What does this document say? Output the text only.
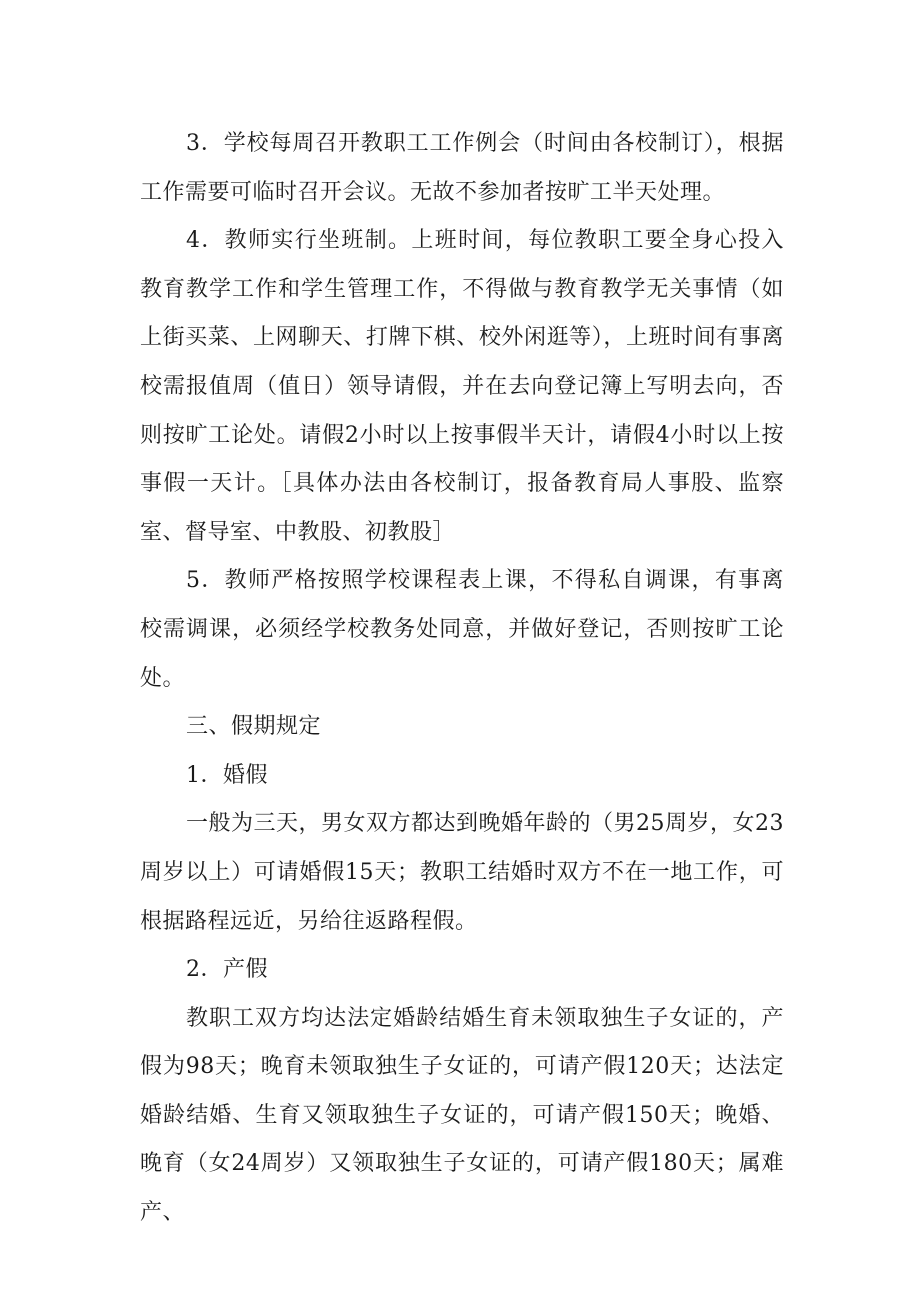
3．学校每周召开教职工工作例会（时间由各校制订），根据工作需要可临时召开会议。无故不参加者按旷工半天处理。

4．教师实行坐班制。上班时间，每位教职工要全身心投入教育教学工作和学生管理工作，不得做与教育教学无关事情（如上街买菜、上网聊天、打牌下棋、校外闲逛等），上班时间有事离校需报值周（值日）领导请假，并在去向登记簿上写明去向，否则按旷工论处。请假2小时以上按事假半天计，请假4小时以上按事假一天计。［具体办法由各校制订，报备教育局人事股、监察室、督导室、中教股、初教股］

5．教师严格按照学校课程表上课，不得私自调课，有事离校需调课，必须经学校教务处同意，并做好登记，否则按旷工论处。

三、假期规定

1．婚假

一般为三天，男女双方都达到晚婚年龄的（男25周岁，女23周岁以上）可请婚假15天；教职工结婚时双方不在一地工作，可根据路程远近，另给往返路程假。

2．产假

教职工双方均达法定婚龄结婚生育未领取独生子女证的，产假为98天；晚育未领取独生子女证的，可请产假120天；达法定婚龄结婚、生育又领取独生子女证的，可请产假150天；晚婚、晚育（女24周岁）又领取独生子女证的，可请产假180天；属难产、
